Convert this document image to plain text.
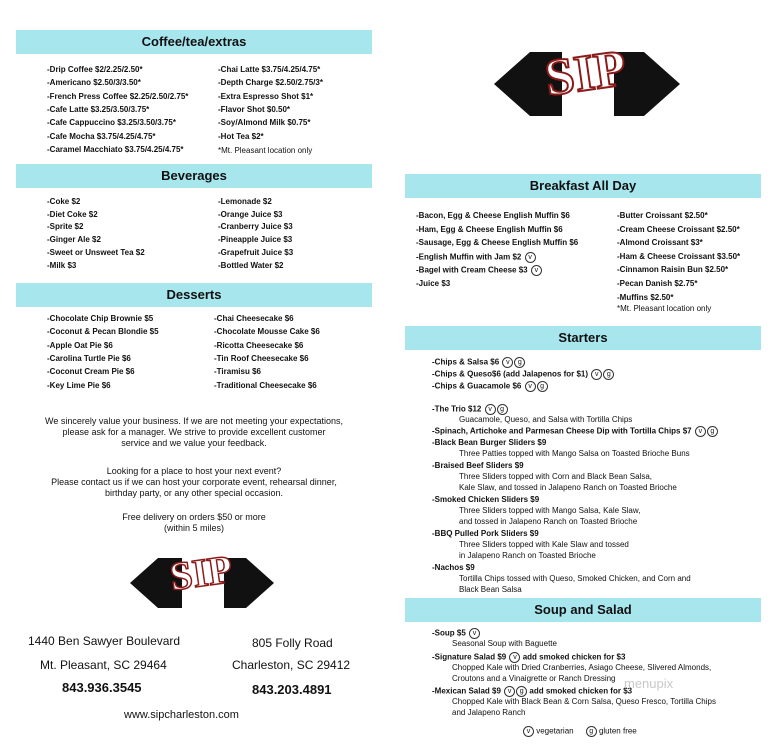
Coffee/tea/extras
-Drip Coffee $2/2.25/2.50*
-Americano $2.50/3/3.50*
-French Press Coffee $2.25/2.50/2.75*
-Cafe Latte $3.25/3.50/3.75*
-Cafe Cappuccino $3.25/3.50/3.75*
-Cafe Mocha $3.75/4.25/4.75*
-Caramel Macchiato $3.75/4.25/4.75*
-Chai Latte $3.75/4.25/4.75*
-Depth Charge $2.50/2.75/3*
-Extra Espresso Shot $1*
-Flavor Shot $0.50*
-Soy/Almond Milk $0.75*
-Hot Tea $2*
*Mt. Pleasant location only
Beverages
-Coke $2
-Diet Coke $2
-Sprite $2
-Ginger Ale $2
-Sweet or Unsweet Tea $2
-Milk $3
-Lemonade $2
-Orange Juice $3
-Cranberry Juice $3
-Pineapple Juice $3
-Grapefruit Juice $3
-Bottled Water $2
Desserts
-Chocolate Chip Brownie $5
-Coconut & Pecan Blondie $5
-Apple Oat Pie $6
-Carolina Turtle Pie $6
-Coconut Cream Pie $6
-Key Lime Pie $6
-Chai Cheesecake $6
-Chocolate Mousse Cake $6
-Ricotta Cheesecake $6
-Tin Roof Cheesecake $6
-Tiramisu $6
-Traditional Cheesecake $6
We sincerely value your business. If we are not meeting your expectations,
please ask for a manager. We strive to provide excellent customer
service and we value your feedback.
Looking for a place to host your next event?
Please contact us if we can host your corporate event, rehearsal dinner,
birthday party, or any other special occasion.
Free delivery on orders $50 or more
(within 5 miles)
SIP
1440 Ben Sawyer Boulevard
Mt. Pleasant, SC 29464
843.936.3545
805 Folly Road
Charleston, SC 29412
843.203.4891
www.sipcharleston.com
SIP
Breakfast All Day
-Bacon, Egg & Cheese English Muffin $6
-Ham, Egg & Cheese English Muffin $6
-Sausage, Egg & Cheese English Muffin $6
-English Muffin with Jam $2 v
-Bagel with Cream Cheese $3 v
-Juice $3
-Butter Croissant $2.50*
-Cream Cheese Croissant $2.50*
-Almond Croissant $3*
-Ham & Cheese Croissant $3.50*
-Cinnamon Raisin Bun $2.50*
-Pecan Danish $2.75*
-Muffins $2.50*
*Mt. Pleasant location only
Starters
-Chips & Salsa $6 v g
-Chips & Queso$6 (add Jalapenos for $1) v g
-Chips & Guacamole $6 v g
-The Trio $12 v g
Guacamole, Queso, and Salsa with Tortilla Chips
-Spinach, Artichoke and Parmesan Cheese Dip with Tortilla Chips $7 v g
-Black Bean Burger Sliders $9
Three Patties topped with Mango Salsa on Toasted Brioche Buns
-Braised Beef Sliders $9
Three Sliders topped with Corn and Black Bean Salsa,
Kale Slaw, and tossed in Jalapeno Ranch on Toasted Brioche
-Smoked Chicken Sliders $9
Three Sliders topped with Mango Salsa, Kale Slaw,
and tossed in Jalapeno Ranch on Toasted Brioche
-BBQ Pulled Pork Sliders $9
Three Sliders topped with Kale Slaw and tossed
in Jalapeno Ranch on Toasted Brioche
-Nachos $9
Tortilla Chips tossed with Queso, Smoked Chicken, and Corn and
Black Bean Salsa
Soup and Salad
-Soup $5 v
Seasonal Soup with Baguette
-Signature Salad $9 v add smoked chicken for $3
Chopped Kale with Dried Cranberries, Asiago Cheese, Slivered Almonds,
Croutons and a Vinaigrette or Ranch Dressing
-Mexican Salad $9 v g add smoked chicken for $3
Chopped Kale with Black Bean & Corn Salsa, Queso Fresco, Tortilla Chips
and Jalapeno Ranch
v vegetarian g gluten free
menupix
